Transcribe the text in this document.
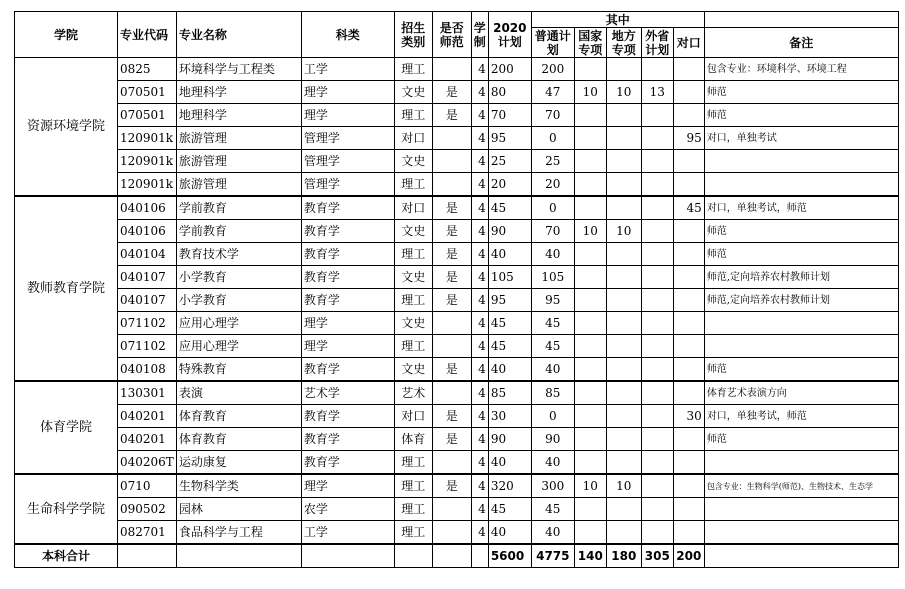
学院	专业代码	专业名称	科类	招生类别	是否师范	学制	2020计划	其中					
								普通计划	国家专项	地方专项	外省计划	对口	备注
资源环境学院	0825	环境科学与工程类	工学	理工		4	200	200					包含专业：环境科学、环境工程
	070501	地理科学	理学	文史	是	4	80	47	10	10	13		师范
	070501	地理科学	理学	理工	是	4	70	70					师范
	120901k	旅游管理	管理学	对口		4	95	0				95	对口，单独考试
	120901k	旅游管理	管理学	文史		4	25	25					
	120901k	旅游管理	管理学	理工		4	20	20					
教师教育学院	040106	学前教育	教育学	对口	是	4	45	0				45	对口，单独考试，师范
	040106	学前教育	教育学	文史	是	4	90	70	10	10			师范
	040104	教育技术学	教育学	理工	是	4	40	40					师范
	040107	小学教育	教育学	文史	是	4	105	105					师范,定向培养农村教师计划
	040107	小学教育	教育学	理工	是	4	95	95					师范,定向培养农村教师计划
	071102	应用心理学	理学	文史		4	45	45					
	071102	应用心理学	理学	理工		4	45	45					
	040108	特殊教育	教育学	文史	是	4	40	40					师范
体育学院	130301	表演	艺术学	艺术		4	85	85					体育艺术表演方向
	040201	体育教育	教育学	对口	是	4	30	0				30	对口，单独考试，师范
	040201	体育教育	教育学	体育	是	4	90	90					师范
	040206T	运动康复	教育学	理工		4	40	40					
生命科学学院	0710	生物科学类	理学	理工	是	4	320	300	10	10			包含专业：生物科学(师范)、生物技术、生态学
	090502	园林	农学	理工		4	45	45					
	082701	食品科学与工程	工学	理工		4	40	40					
本科合计							5600	4775	140	180	305	200	
